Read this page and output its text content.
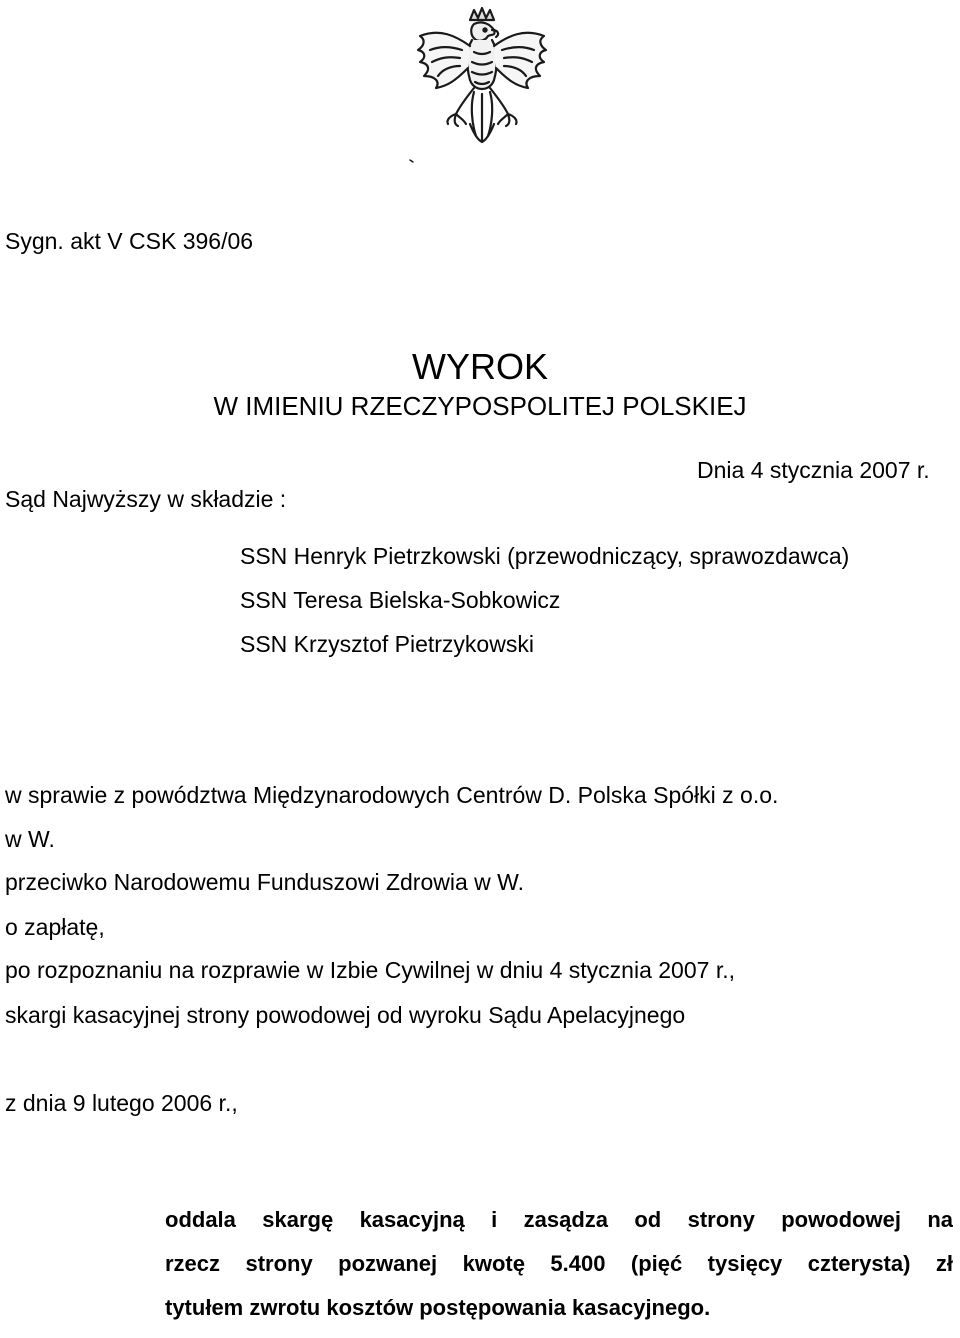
Sygn. akt V CSK 396/06

WYROK
W IMIENIU RZECZYPOSPOLITEJ POLSKIEJ

Dnia 4 stycznia 2007 r.

Sąd Najwyższy w składzie :

SSN Henryk Pietrzkowski (przewodniczący, sprawozdawca)
SSN Teresa Bielska-Sobkowicz
SSN Krzysztof Pietrzykowski

w sprawie z powództwa Międzynarodowych Centrów D. Polska Spółki z o.o.

w W.

przeciwko Narodowemu Funduszowi Zdrowia w W.

o zapłatę,

po rozpoznaniu na rozprawie w Izbie Cywilnej w dniu 4 stycznia 2007 r.,

skargi kasacyjnej strony powodowej od wyroku Sądu Apelacyjnego

z dnia 9 lutego 2006 r.,

oddala skargę kasacyjną i zasądza od strony powodowej na
rzecz strony pozwanej kwotę 5.400 (pięć tysięcy czterysta) zł
tytułem zwrotu kosztów postępowania kasacyjnego.
